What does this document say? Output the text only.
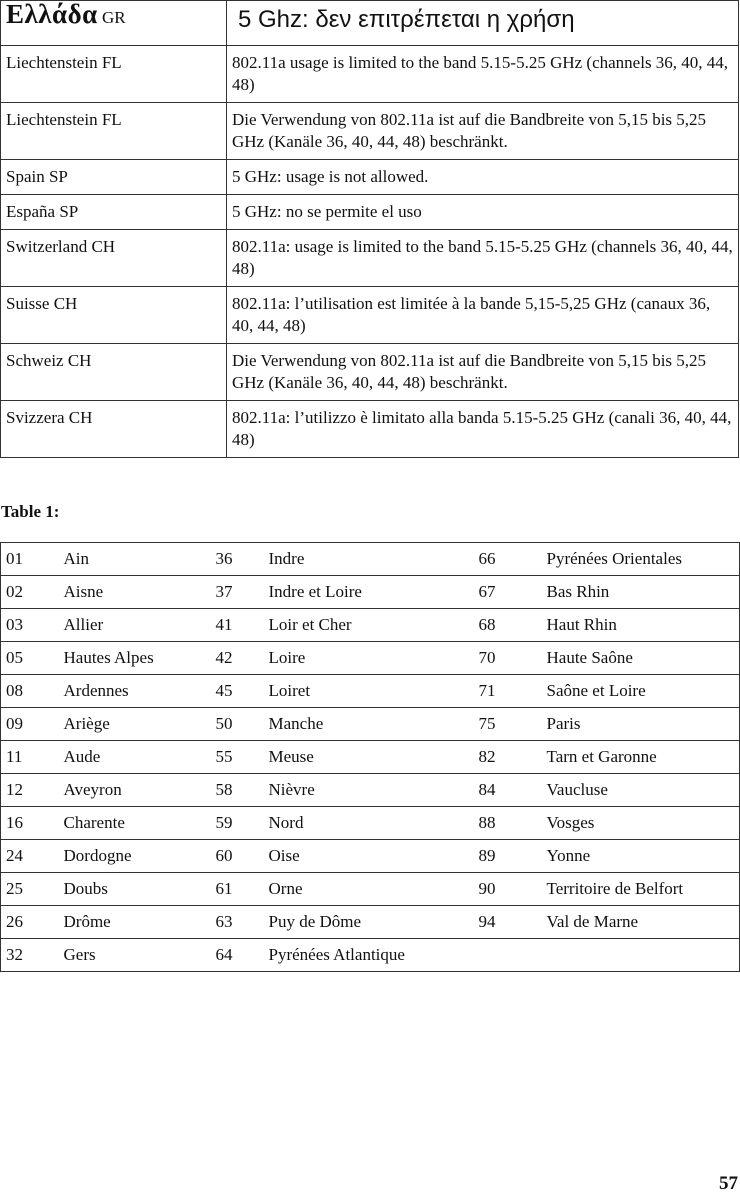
Ελλάδα GR	5 Ghz: δεν επιτρέπεται η χρήση
Liechtenstein FL	802.11a usage is limited to the band 5.15-5.25 GHz (channels 36, 40, 44, 48)
Liechtenstein FL	Die Verwendung von 802.11a ist auf die Bandbreite von 5,15 bis 5,25 GHz (Kanäle 36, 40, 44, 48) beschränkt.
Spain SP	5 GHz: usage is not allowed.
España SP	5 GHz: no se permite el uso
Switzerland CH	802.11a: usage is limited to the band 5.15-5.25 GHz (channels 36, 40, 44, 48)
Suisse CH	802.11a: l’utilisation est limitée à la bande 5,15-5,25 GHz (canaux 36, 40, 44, 48)
Schweiz CH	Die Verwendung von 802.11a ist auf die Bandbreite von 5,15 bis 5,25 GHz (Kanäle 36, 40, 44, 48) beschränkt.
Svizzera CH	802.11a: l’utilizzo è limitato alla banda 5.15-5.25 GHz (canali 36, 40, 44, 48)
Table 1:
01	Ain	36	Indre	66	Pyrénées Orientales
02	Aisne	37	Indre et Loire	67	Bas Rhin
03	Allier	41	Loir et Cher	68	Haut Rhin
05	Hautes Alpes	42	Loire	70	Haute Saône
08	Ardennes	45	Loiret	71	Saône et Loire
09	Ariège	50	Manche	75	Paris
11	Aude	55	Meuse	82	Tarn et Garonne
12	Aveyron	58	Nièvre	84	Vaucluse
16	Charente	59	Nord	88	Vosges
24	Dordogne	60	Oise	89	Yonne
25	Doubs	61	Orne	90	Territoire de Belfort
26	Drôme	63	Puy de Dôme	94	Val de Marne
32	Gers	64	Pyrénées Atlantique		
57
